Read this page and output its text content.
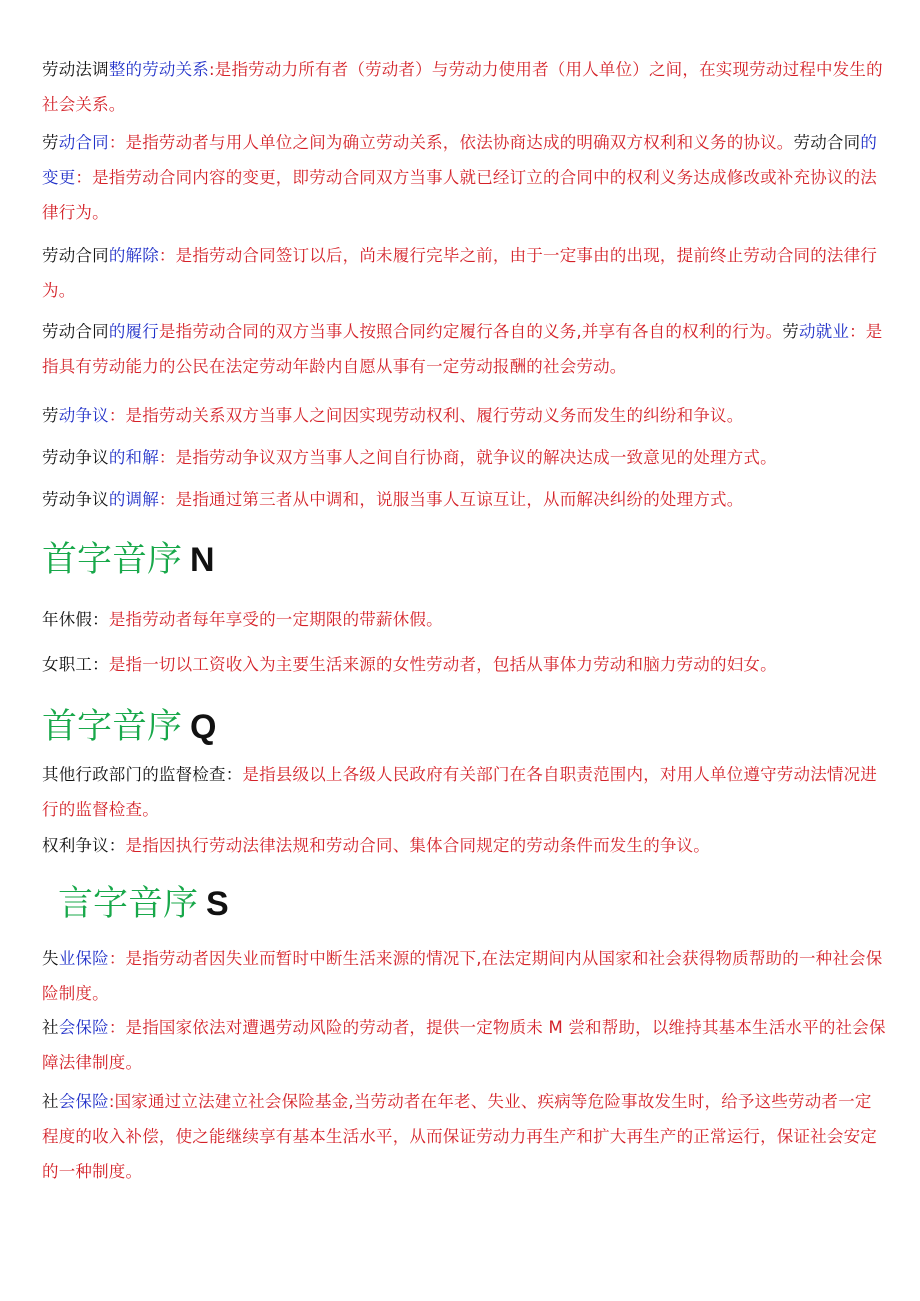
劳动法调整的劳动关系:是指劳动力所有者（劳动者）与劳动力使用者（用人单位）之间，在实现劳动过程中发生的社会关系。
劳动合同：是指劳动者与用人单位之间为确立劳动关系，依法协商达成的明确双方权利和义务的协议。劳动合同的变更：是指劳动合同内容的变更，即劳动合同双方当事人就已经订立的合同中的权利义务达成修改或补充协议的法律行为。
劳动合同的解除：是指劳动合同签订以后，尚未履行完毕之前，由于一定事由的出现，提前终止劳动合同的法律行为。
劳动合同的履行是指劳动合同的双方当事人按照合同约定履行各自的义务,并享有各自的权利的行为。劳动就业：是指具有劳动能力的公民在法定劳动年龄内自愿从事有一定劳动报酬的社会劳动。
劳动争议：是指劳动关系双方当事人之间因实现劳动权利、履行劳动义务而发生的纠纷和争议。
劳动争议的和解：是指劳动争议双方当事人之间自行协商，就争议的解决达成一致意见的处理方式。
劳动争议的调解：是指通过第三者从中调和，说服当事人互谅互让，从而解决纠纷的处理方式。
首字音序 N
年休假：是指劳动者每年享受的一定期限的带薪休假。
女职工：是指一切以工资收入为主要生活来源的女性劳动者，包括从事体力劳动和脑力劳动的妇女。
首字音序 Q
其他行政部门的监督检查：是指县级以上各级人民政府有关部门在各自职责范围内，对用人单位遵守劳动法情况进行的监督检查。
权利争议：是指因执行劳动法律法规和劳动合同、集体合同规定的劳动条件而发生的争议。
言字音序 S
失业保险：是指劳动者因失业而暂时中断生活来源的情况下,在法定期间内从国家和社会获得物质帮助的一种社会保险制度。
社会保险：是指国家依法对遭遇劳动风险的劳动者，提供一定物质未 M 尝和帮助，以维持其基本生活水平的社会保障法律制度。
社会保险:国家通过立法建立社会保险基金,当劳动者在年老、失业、疾病等危险事故发生时，给予这些劳动者一定程度的收入补偿，使之能继续享有基本生活水平，从而保证劳动力再生产和扩大再生产的正常运行，保证社会安定的一种制度。
